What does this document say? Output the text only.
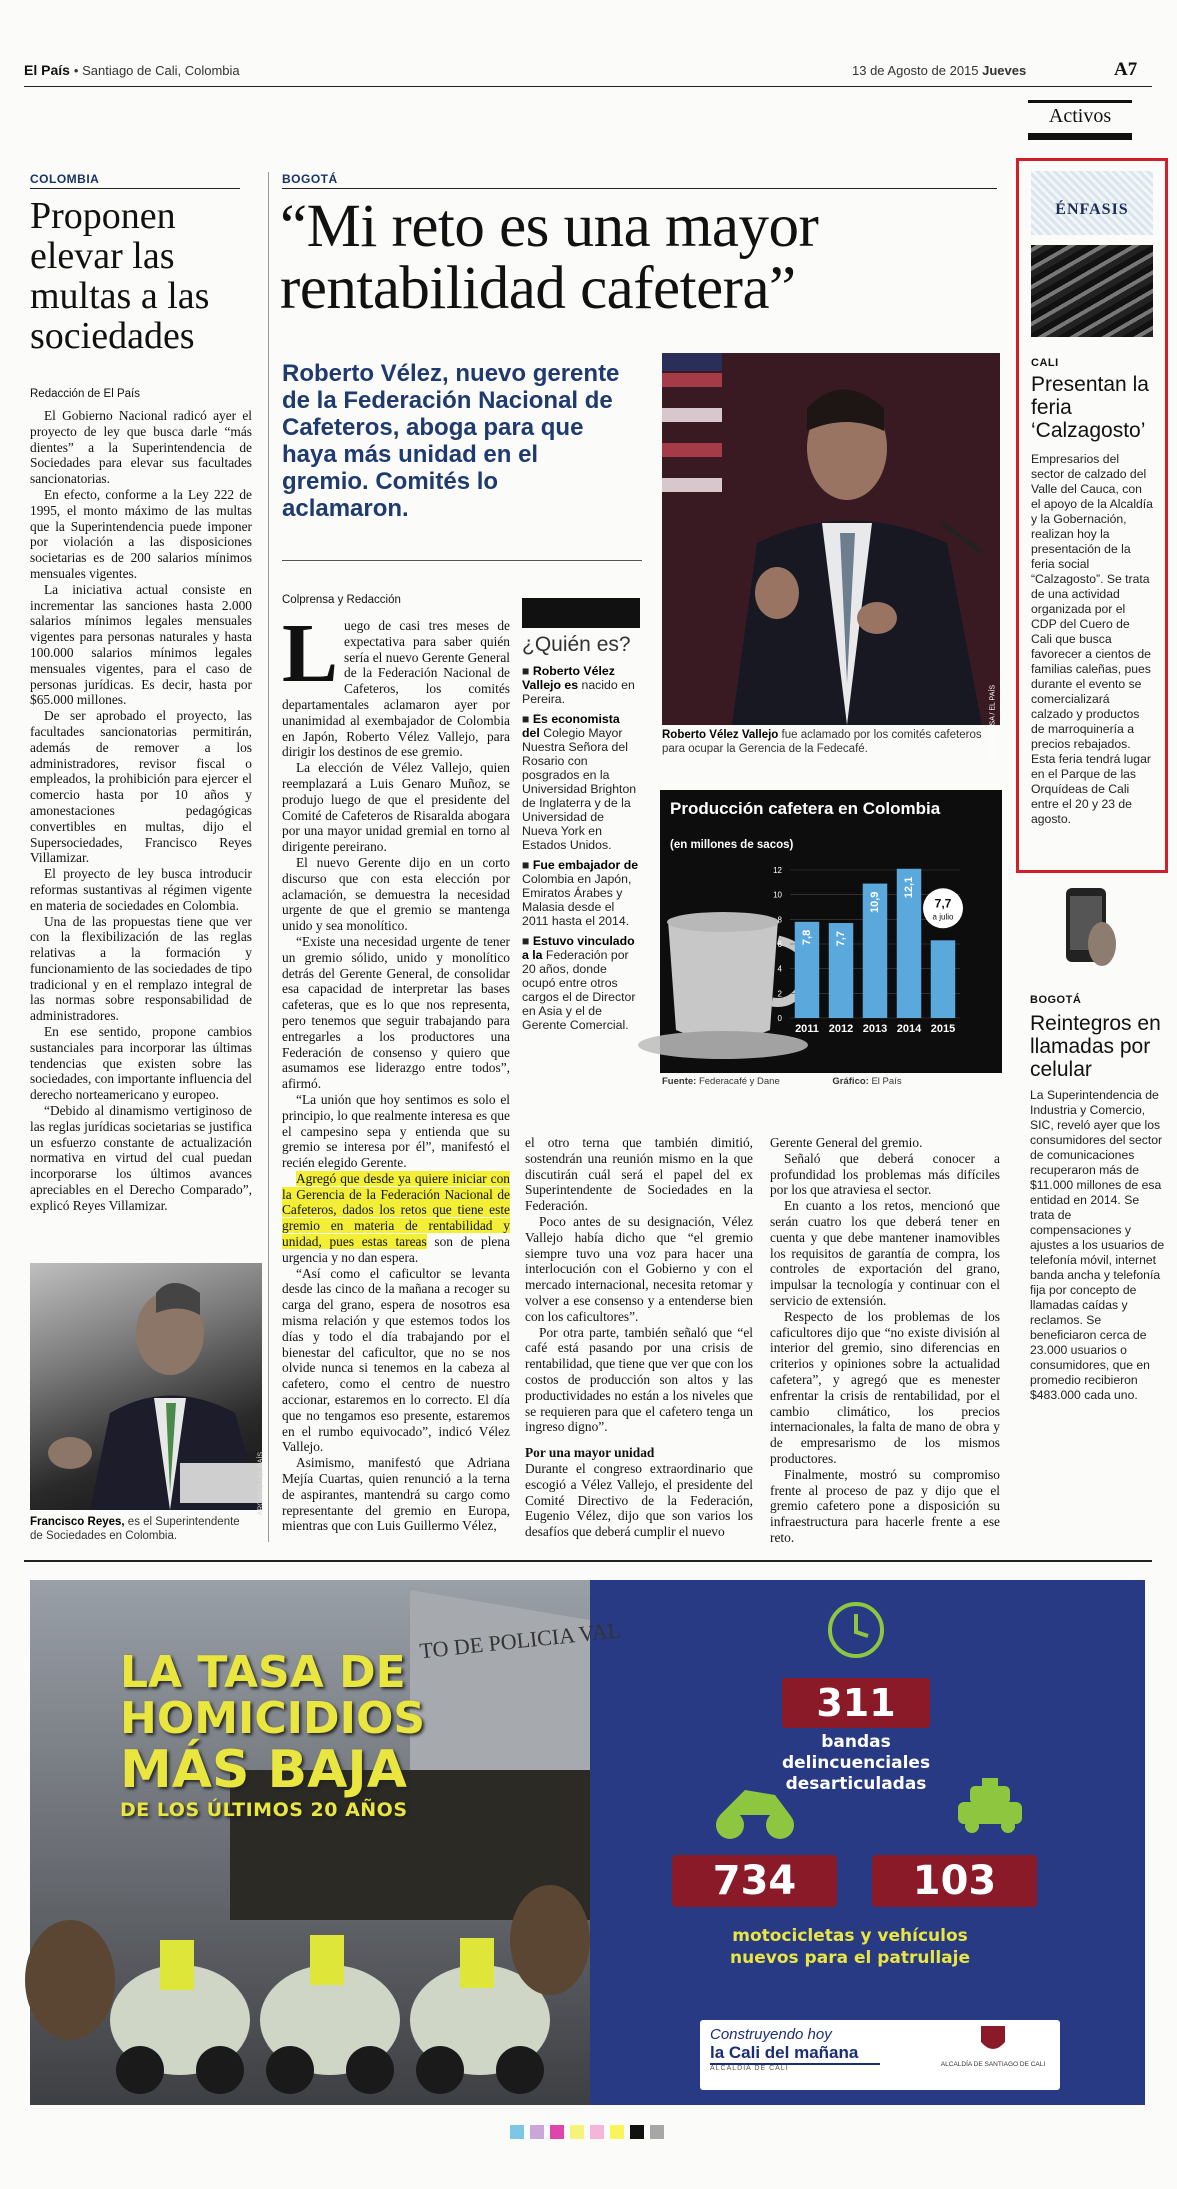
El País • Santiago de Cali, Colombia	13 de Agosto de 2015 Jueves	A7
Activos
COLOMBIA
Proponen elevar las multas a las sociedades
Redacción de El País

El Gobierno Nacional radicó ayer el proyecto de ley que busca darle “más dientes” a la Superintendencia de Sociedades para elevar sus facultades sancionatorias.

En efecto, conforme a la Ley 222 de 1995, el monto máximo de las multas que la Superintendencia puede imponer por violación a las disposiciones societarias es de 200 salarios mínimos mensuales vigentes.

La iniciativa actual consiste en incrementar las sanciones hasta 2.000 salarios mínimos legales mensuales vigentes para personas naturales y hasta 100.000 salarios mínimos legales mensuales vigentes, para el caso de personas jurídicas. Es decir, hasta por $65.000 millones.

De ser aprobado el proyecto, las facultades sancionatorias permitirán, además de remover a los administradores, revisor fiscal o empleados, la prohibición para ejercer el comercio hasta por 10 años y amonestaciones pedagógicas convertibles en multas, dijo el Supersociedades, Francisco Reyes Villamizar.

El proyecto de ley busca introducir reformas sustantivas al régimen vigente en materia de sociedades en Colombia.

Una de las propuestas tiene que ver con la flexibilización de las reglas relativas a la formación y funcionamiento de las sociedades de tipo tradicional y en el remplazo integral de las normas sobre responsabilidad de administradores.

En ese sentido, propone cambios sustanciales para incorporar las últimas tendencias que existen sobre las sociedades, con importante influencia del derecho norteamericano y europeo.

“Debido al dinamismo vertiginoso de las reglas jurídicas societarias se justifica un esfuerzo constante de actualización normativa en virtud del cual puedan incorporarse los últimos avances apreciables en el Derecho Comparado”, explicó Reyes Villamizar.

ARCHIVO / EL PAÍS
Francisco Reyes, es el Superintendente de Sociedades en Colombia.
BOGOTÁ
“Mi reto es una mayor rentabilidad cafetera”
Roberto Vélez, nuevo gerente de la Federación Nacional de Cafeteros, aboga para que haya más unidad en el gremio. Comités lo aclamaron.
Colprensa y Redacción
COLPRENSA / EL PAÍS
Roberto Vélez Vallejo fue aclamado por los comités cafeteros para ocupar la Gerencia de la Fedecafé.
L uego de casi tres meses de expectativa para saber quién sería el nuevo Gerente General de la Federación Nacional de Cafeteros, los comités departamentales aclamaron ayer por unanimidad al exembajador de Colombia en Japón, Roberto Vélez Vallejo, para dirigir los destinos de ese gremio.

La elección de Vélez Vallejo, quien reemplazará a Luis Genaro Muñoz, se produjo luego de que el presidente del Comité de Cafeteros de Risaralda abogara por una mayor unidad gremial en torno al dirigente pereirano.

El nuevo Gerente dijo en un corto discurso que con esta elección por aclamación, se demuestra la necesidad urgente de que el gremio se mantenga unido y sea monolítico.

“Existe una necesidad urgente de tener un gremio sólido, unido y monolítico detrás del Gerente General, de consolidar esa capacidad de interpretar las bases cafeteras, que es lo que nos representa, pero tenemos que seguir trabajando para entregarles a los productores una Federación de consenso y quiero que asumamos ese liderazgo entre todos”, afirmó.

“La unión que hoy sentimos es solo el principio, lo que realmente interesa es que el campesino sepa y entienda que su gremio se interesa por él”, manifestó el recién elegido Gerente.

Agregó que desde ya quiere iniciar con la Gerencia de la Federación Nacional de Cafeteros, dados los retos que tiene este gremio en materia de rentabilidad y unidad, pues estas tareas son de plena urgencia y no dan espera.

“Así como el caficultor se levanta desde las cinco de la mañana a recoger su carga del grano, espera de nosotros esa misma relación y que estemos todos los días y todo el día trabajando por el bienestar del caficultor, que no se nos olvide nunca si tenemos en la cabeza al cafetero, como el centro de nuestro accionar, estaremos en lo correcto. El día que no tengamos eso presente, estaremos en el rumbo equivocado”, indicó Vélez Vallejo.

Asimismo, manifestó que Adriana Mejía Cuartas, quien renunció a la terna de aspirantes, mantendrá su cargo como representante del gremio en Europa, mientras que con Luis Guillermo Vélez,

¿Quién es?
■ Roberto Vélez Vallejo es nacido en Pereira.
■ Es economista del Colegio Mayor Nuestra Señora del Rosario con posgrados en la Universidad Brighton de Inglaterra y de la Universidad de Nueva York en Estados Unidos.
■ Fue embajador de Colombia en Japón, Emiratos Árabes y Malasia desde el 2011 hasta el 2014.
■ Estuvo vinculado a la Federación por 20 años, donde ocupó entre otros cargos el de Director en Asia y el de Gerente Comercial.
Producción cafetera en Colombia
(en millones de sacos)
0
2
4
6
8
10
12
7,8
2011
7,7
2012
10,9
2013
12,1
2014 2015
7,7
a julio
Fuente: Federacafé y Dane	Gráfico: El País

el otro terna que también dimitió, sostendrán una reunión mismo en la que discutirán cuál será el papel del ex Superintendente de Sociedades en la Federación.

Poco antes de su designación, Vélez Vallejo había dicho que “el gremio siempre tuvo una voz para hacer una interlocución con el Gobierno y con el mercado internacional, necesita retomar y volver a ese consenso y a entenderse bien con los caficultores”.

Por otra parte, también señaló que “el café está pasando por una crisis de rentabilidad, que tiene que ver que con los costos de producción son altos y las productividades no están a los niveles que se requieren para que el cafetero tenga un ingreso digno”.

Por una mayor unidad

Durante el congreso extraordinario que escogió a Vélez Vallejo, el presidente del Comité Directivo de la Federación, Eugenio Vélez, dijo que son varios los desafíos que deberá cumplir el nuevo

Gerente General del gremio.

Señaló que deberá conocer a profundidad los problemas más difíciles por los que atraviesa el sector.

En cuanto a los retos, mencionó que serán cuatro los que deberá tener en cuenta y que debe mantener inamovibles los requisitos de garantía de compra, los controles de exportación del grano, impulsar la tecnología y continuar con el servicio de extensión.

Respecto de los problemas de los caficultores dijo que “no existe división al interior del gremio, sino diferencias en criterios y opiniones sobre la actualidad cafetera”, y agregó que es menester enfrentar la crisis de rentabilidad, por el cambio climático, los precios internacionales, la falta de mano de obra y de empresarismo de los mismos productores.

Finalmente, mostró su compromiso frente al proceso de paz y dijo que el gremio cafetero pone a disposición su infraestructura para hacerle frente a ese reto.

ÉNFASIS
CALI
Presentan la feria ‘Calzagosto’

Empresarios del sector de calzado del Valle del Cauca, con el apoyo de la Alcaldía y la Gobernación, realizan hoy la presentación de la feria social “Calzagosto”. Se trata de una actividad organizada por el CDP del Cuero de Cali que busca favorecer a cientos de familias caleñas, pues durante el evento se comercializará calzado y productos de marroquinería a precios rebajados.

Esta feria tendrá lugar en el Parque de las Orquídeas de Cali entre el 20 y 23 de agosto.

BOGOTÁ
Reintegros en llamadas por celular

La Superintendencia de Industria y Comercio, SIC, reveló ayer que los consumidores del sector de comunicaciones recuperaron más de $11.000 millones de esa entidad en 2014. Se trata de compensaciones y ajustes a los usuarios de telefonía móvil, internet banda ancha y telefonía fija por concepto de llamadas caídas y reclamos. Se beneficiaron cerca de 23.000 usuarios o consumidores, que en promedio recibieron $483.000 cada uno.

TO DE POLICIA VAL
LA TASA DE
HOMICIDIOS
MÁS BAJA
DE LOS ÚLTIMOS 20 AÑOS
311
bandas delincuenciales desarticuladas
734	103
motocicletas y vehículos nuevos para el patrullaje
Construyendo hoy
la Cali del mañana
ALCALDÍA DE CALI
ALCALDÍA DE SANTIAGO DE CALI
